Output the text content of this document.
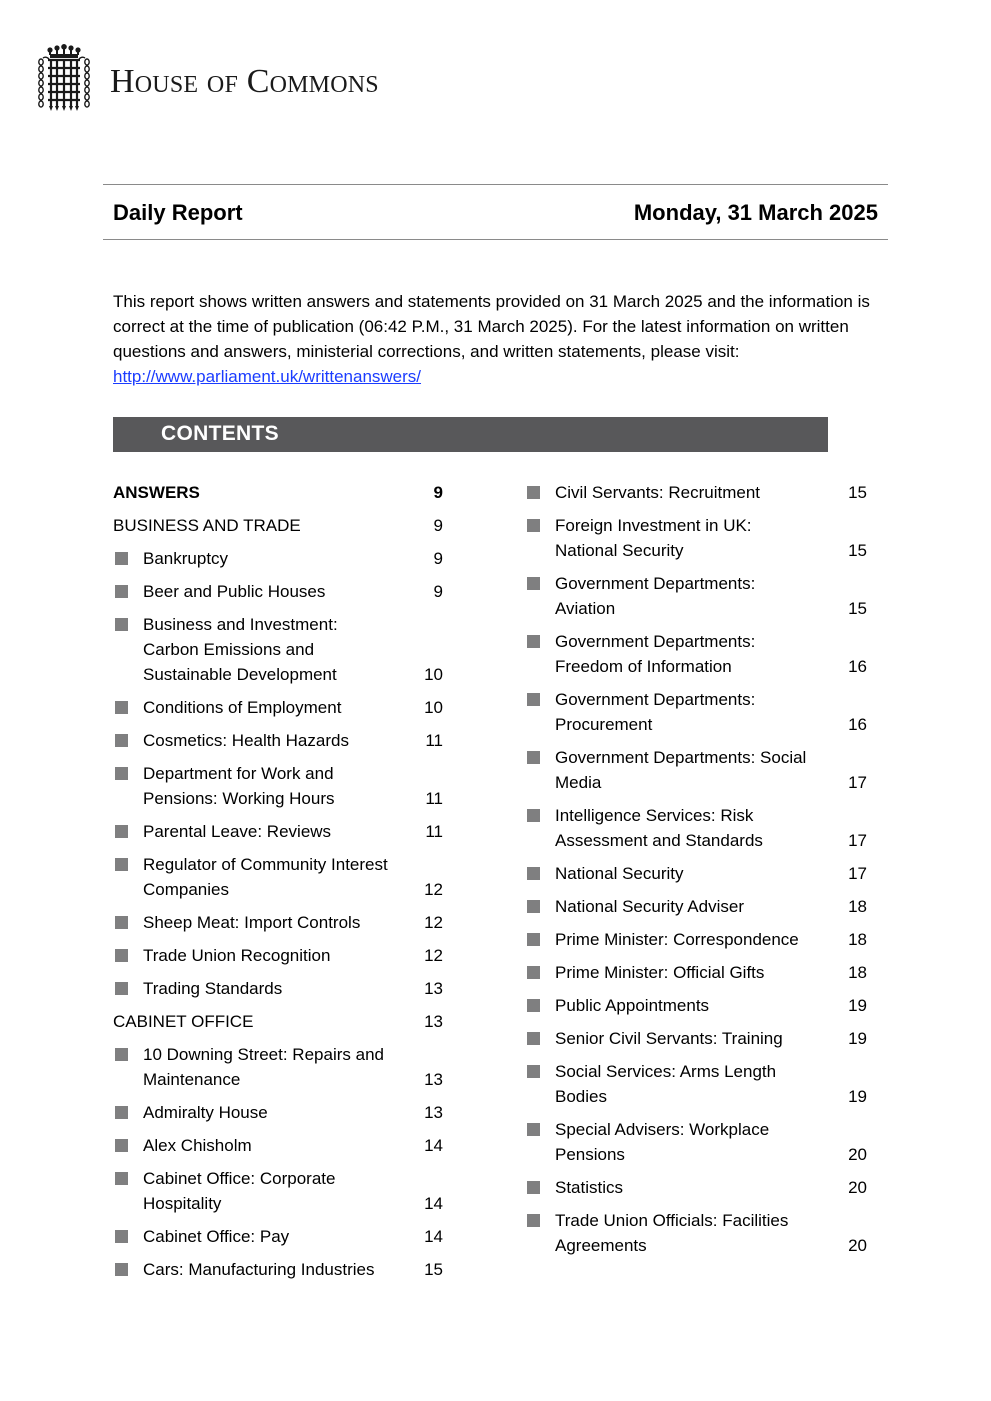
House of Commons
Daily Report	Monday, 31 March 2025
This report shows written answers and statements provided on 31 March 2025 and the information is correct at the time of publication (06:42 P.M., 31 March 2025). For the latest information on written questions and answers, ministerial corrections, and written statements, please visit: http://www.parliament.uk/writtenanswers/
CONTENTS
ANSWERS	9
BUSINESS AND TRADE	9
Bankruptcy	9
Beer and Public Houses	9
Business and Investment: Carbon Emissions and Sustainable Development	10
Conditions of Employment	10
Cosmetics: Health Hazards	11
Department for Work and Pensions: Working Hours	11
Parental Leave: Reviews	11
Regulator of Community Interest Companies	12
Sheep Meat: Import Controls	12
Trade Union Recognition	12
Trading Standards	13
CABINET OFFICE	13
10 Downing Street: Repairs and Maintenance	13
Admiralty House	13
Alex Chisholm	14
Cabinet Office: Corporate Hospitality	14
Cabinet Office: Pay	14
Cars: Manufacturing Industries	15
Civil Servants: Recruitment	15
Foreign Investment in UK: National Security	15
Government Departments: Aviation	15
Government Departments: Freedom of Information	16
Government Departments: Procurement	16
Government Departments: Social Media	17
Intelligence Services: Risk Assessment and Standards	17
National Security	17
National Security Adviser	18
Prime Minister: Correspondence	18
Prime Minister: Official Gifts	18
Public Appointments	19
Senior Civil Servants: Training	19
Social Services: Arms Length Bodies	19
Special Advisers: Workplace Pensions	20
Statistics	20
Trade Union Officials: Facilities Agreements	20
